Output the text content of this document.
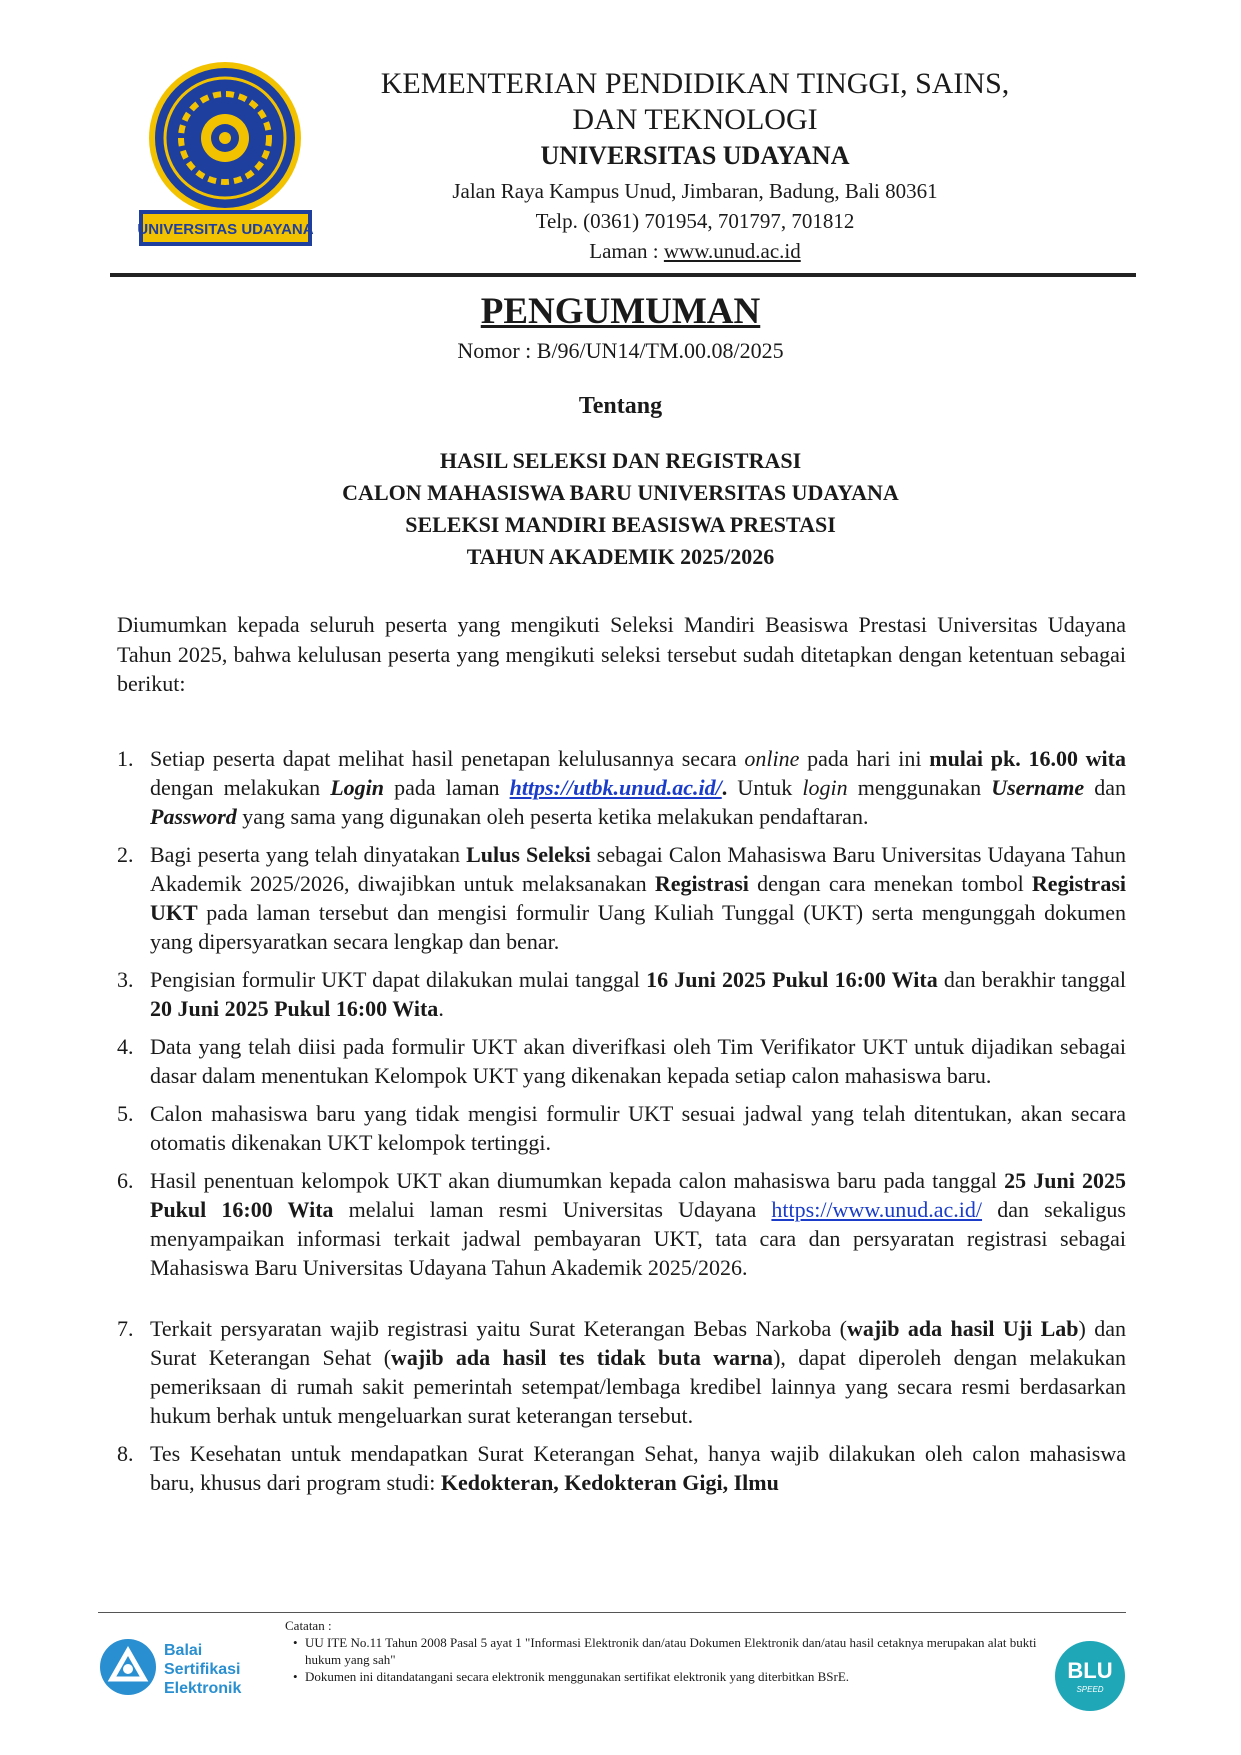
UNIVERSITAS UDAYANA
KEMENTERIAN PENDIDIKAN TINGGI, SAINS,
DAN TEKNOLOGI
UNIVERSITAS UDAYANA
Jalan Raya Kampus Unud, Jimbaran, Badung, Bali 80361
Telp. (0361) 701954, 701797, 701812
Laman : www.unud.ac.id
PENGUMUMAN
Nomor : B/96/UN14/TM.00.08/2025
Tentang
HASIL SELEKSI DAN REGISTRASI
CALON MAHASISWA BARU UNIVERSITAS UDAYANA
SELEKSI MANDIRI BEASISWA PRESTASI
TAHUN AKADEMIK 2025/2026
Diumumkan kepada seluruh peserta yang mengikuti Seleksi Mandiri Beasiswa Prestasi Universitas Udayana Tahun 2025, bahwa kelulusan peserta yang mengikuti seleksi tersebut sudah ditetapkan dengan ketentuan sebagai berikut:
1. Setiap peserta dapat melihat hasil penetapan kelulusannya secara online pada hari ini mulai pk. 16.00 wita dengan melakukan Login pada laman https://utbk.unud.ac.id/. Untuk login menggunakan Username dan Password yang sama yang digunakan oleh peserta ketika melakukan pendaftaran.
2. Bagi peserta yang telah dinyatakan Lulus Seleksi sebagai Calon Mahasiswa Baru Universitas Udayana Tahun Akademik 2025/2026, diwajibkan untuk melaksanakan Registrasi dengan cara menekan tombol Registrasi UKT pada laman tersebut dan mengisi formulir Uang Kuliah Tunggal (UKT) serta mengunggah dokumen yang dipersyaratkan secara lengkap dan benar.
3. Pengisian formulir UKT dapat dilakukan mulai tanggal 16 Juni 2025 Pukul 16:00 Wita dan berakhir tanggal 20 Juni 2025 Pukul 16:00 Wita.
4. Data yang telah diisi pada formulir UKT akan diverifkasi oleh Tim Verifikator UKT untuk dijadikan sebagai dasar dalam menentukan Kelompok UKT yang dikenakan kepada setiap calon mahasiswa baru.
5. Calon mahasiswa baru yang tidak mengisi formulir UKT sesuai jadwal yang telah ditentukan, akan secara otomatis dikenakan UKT kelompok tertinggi.
6. Hasil penentuan kelompok UKT akan diumumkan kepada calon mahasiswa baru pada tanggal 25 Juni 2025 Pukul 16:00 Wita melalui laman resmi Universitas Udayana https://www.unud.ac.id/ dan sekaligus menyampaikan informasi terkait jadwal pembayaran UKT, tata cara dan persyaratan registrasi sebagai Mahasiswa Baru Universitas Udayana Tahun Akademik 2025/2026.
7. Terkait persyaratan wajib registrasi yaitu Surat Keterangan Bebas Narkoba (wajib ada hasil Uji Lab) dan Surat Keterangan Sehat (wajib ada hasil tes tidak buta warna), dapat diperoleh dengan melakukan pemeriksaan di rumah sakit pemerintah setempat/lembaga kredibel lainnya yang secara resmi berdasarkan hukum berhak untuk mengeluarkan surat keterangan tersebut.
8. Tes Kesehatan untuk mendapatkan Surat Keterangan Sehat, hanya wajib dilakukan oleh calon mahasiswa baru, khusus dari program studi: Kedokteran, Kedokteran Gigi, Ilmu
Balai
Sertifikasi
Elektronik
Catatan :
• UU ITE No.11 Tahun 2008 Pasal 5 ayat 1 "Informasi Elektronik dan/atau Dokumen Elektronik dan/atau hasil cetaknya merupakan alat bukti hukum yang sah"
• Dokumen ini ditandatangani secara elektronik menggunakan sertifikat elektronik yang diterbitkan BSrE.	BLU
SPEED
